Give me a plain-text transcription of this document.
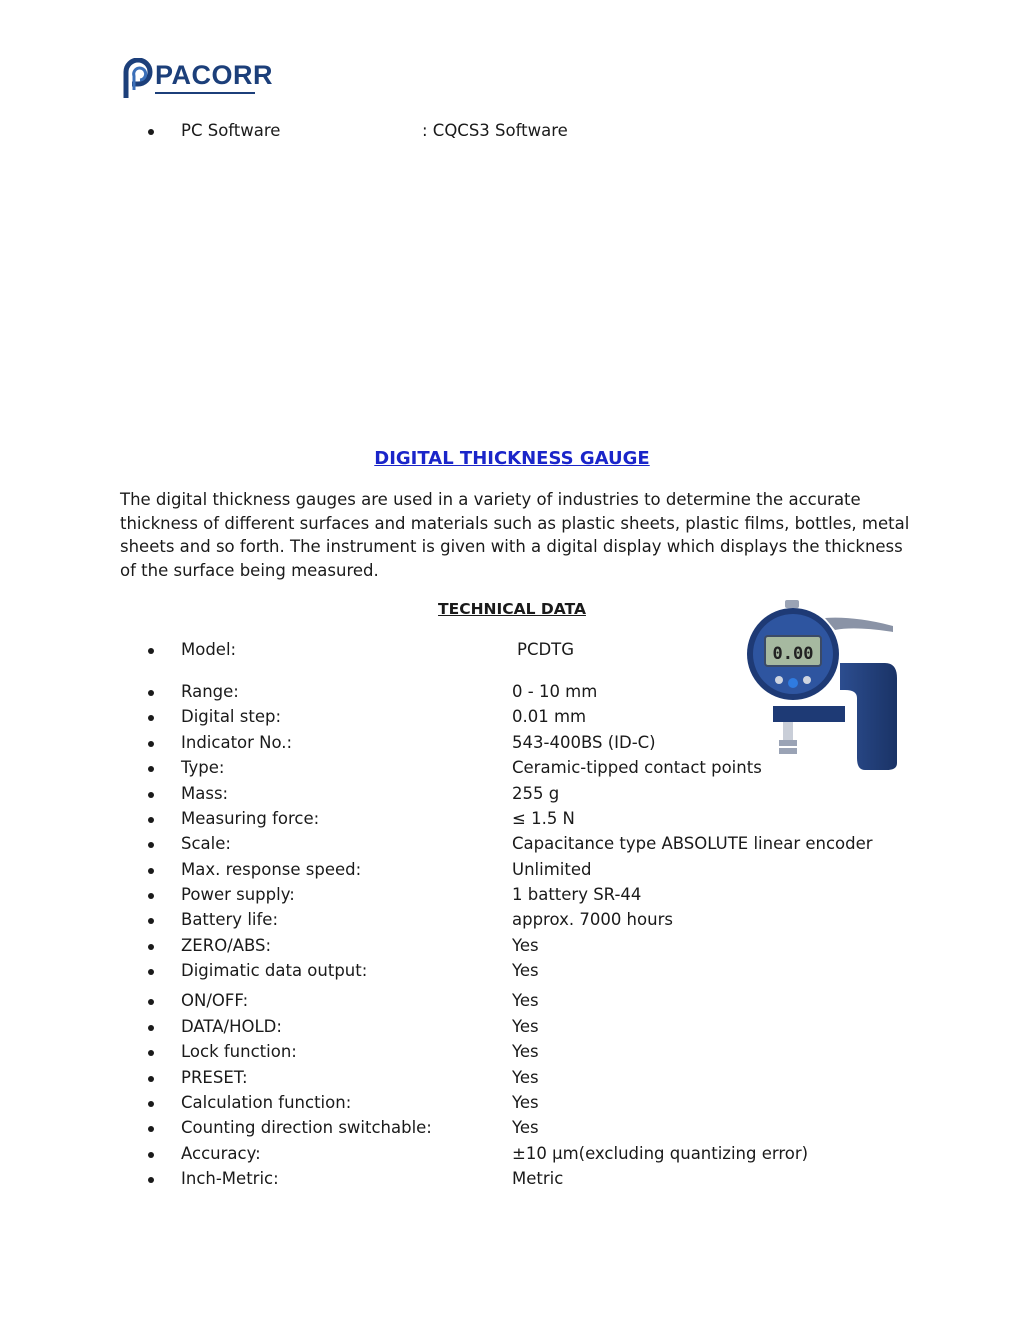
PACORR
PC Software	: CQCS3 Software
DIGITAL THICKNESS GAUGE
The digital thickness gauges are used in a variety of industries to determine the accurate thickness of different surfaces and materials such as plastic sheets, plastic films, bottles, metal sheets and so forth. The instrument is given with a digital display which displays the thickness of the surface being measured.
TECHNICAL DATA
0.00
Model:	PCDTG
Range:	0 - 10 mm
Digital step:	0.01 mm
Indicator No.:	543-400BS (ID-C)
Type:	Ceramic-tipped contact points
Mass:	255 g
Measuring force:	≤ 1.5 N
Scale:	Capacitance type ABSOLUTE linear encoder
Max. response speed:	Unlimited
Power supply:	1 battery SR-44
Battery life:	approx. 7000 hours
ZERO/ABS:	Yes
Digimatic data output:	Yes
ON/OFF:	Yes
DATA/HOLD:	Yes
Lock function:	Yes
PRESET:	Yes
Calculation function:	Yes
Counting direction switchable:	Yes
Accuracy:	±10 μm(excluding quantizing error)
Inch-Metric:	Metric
